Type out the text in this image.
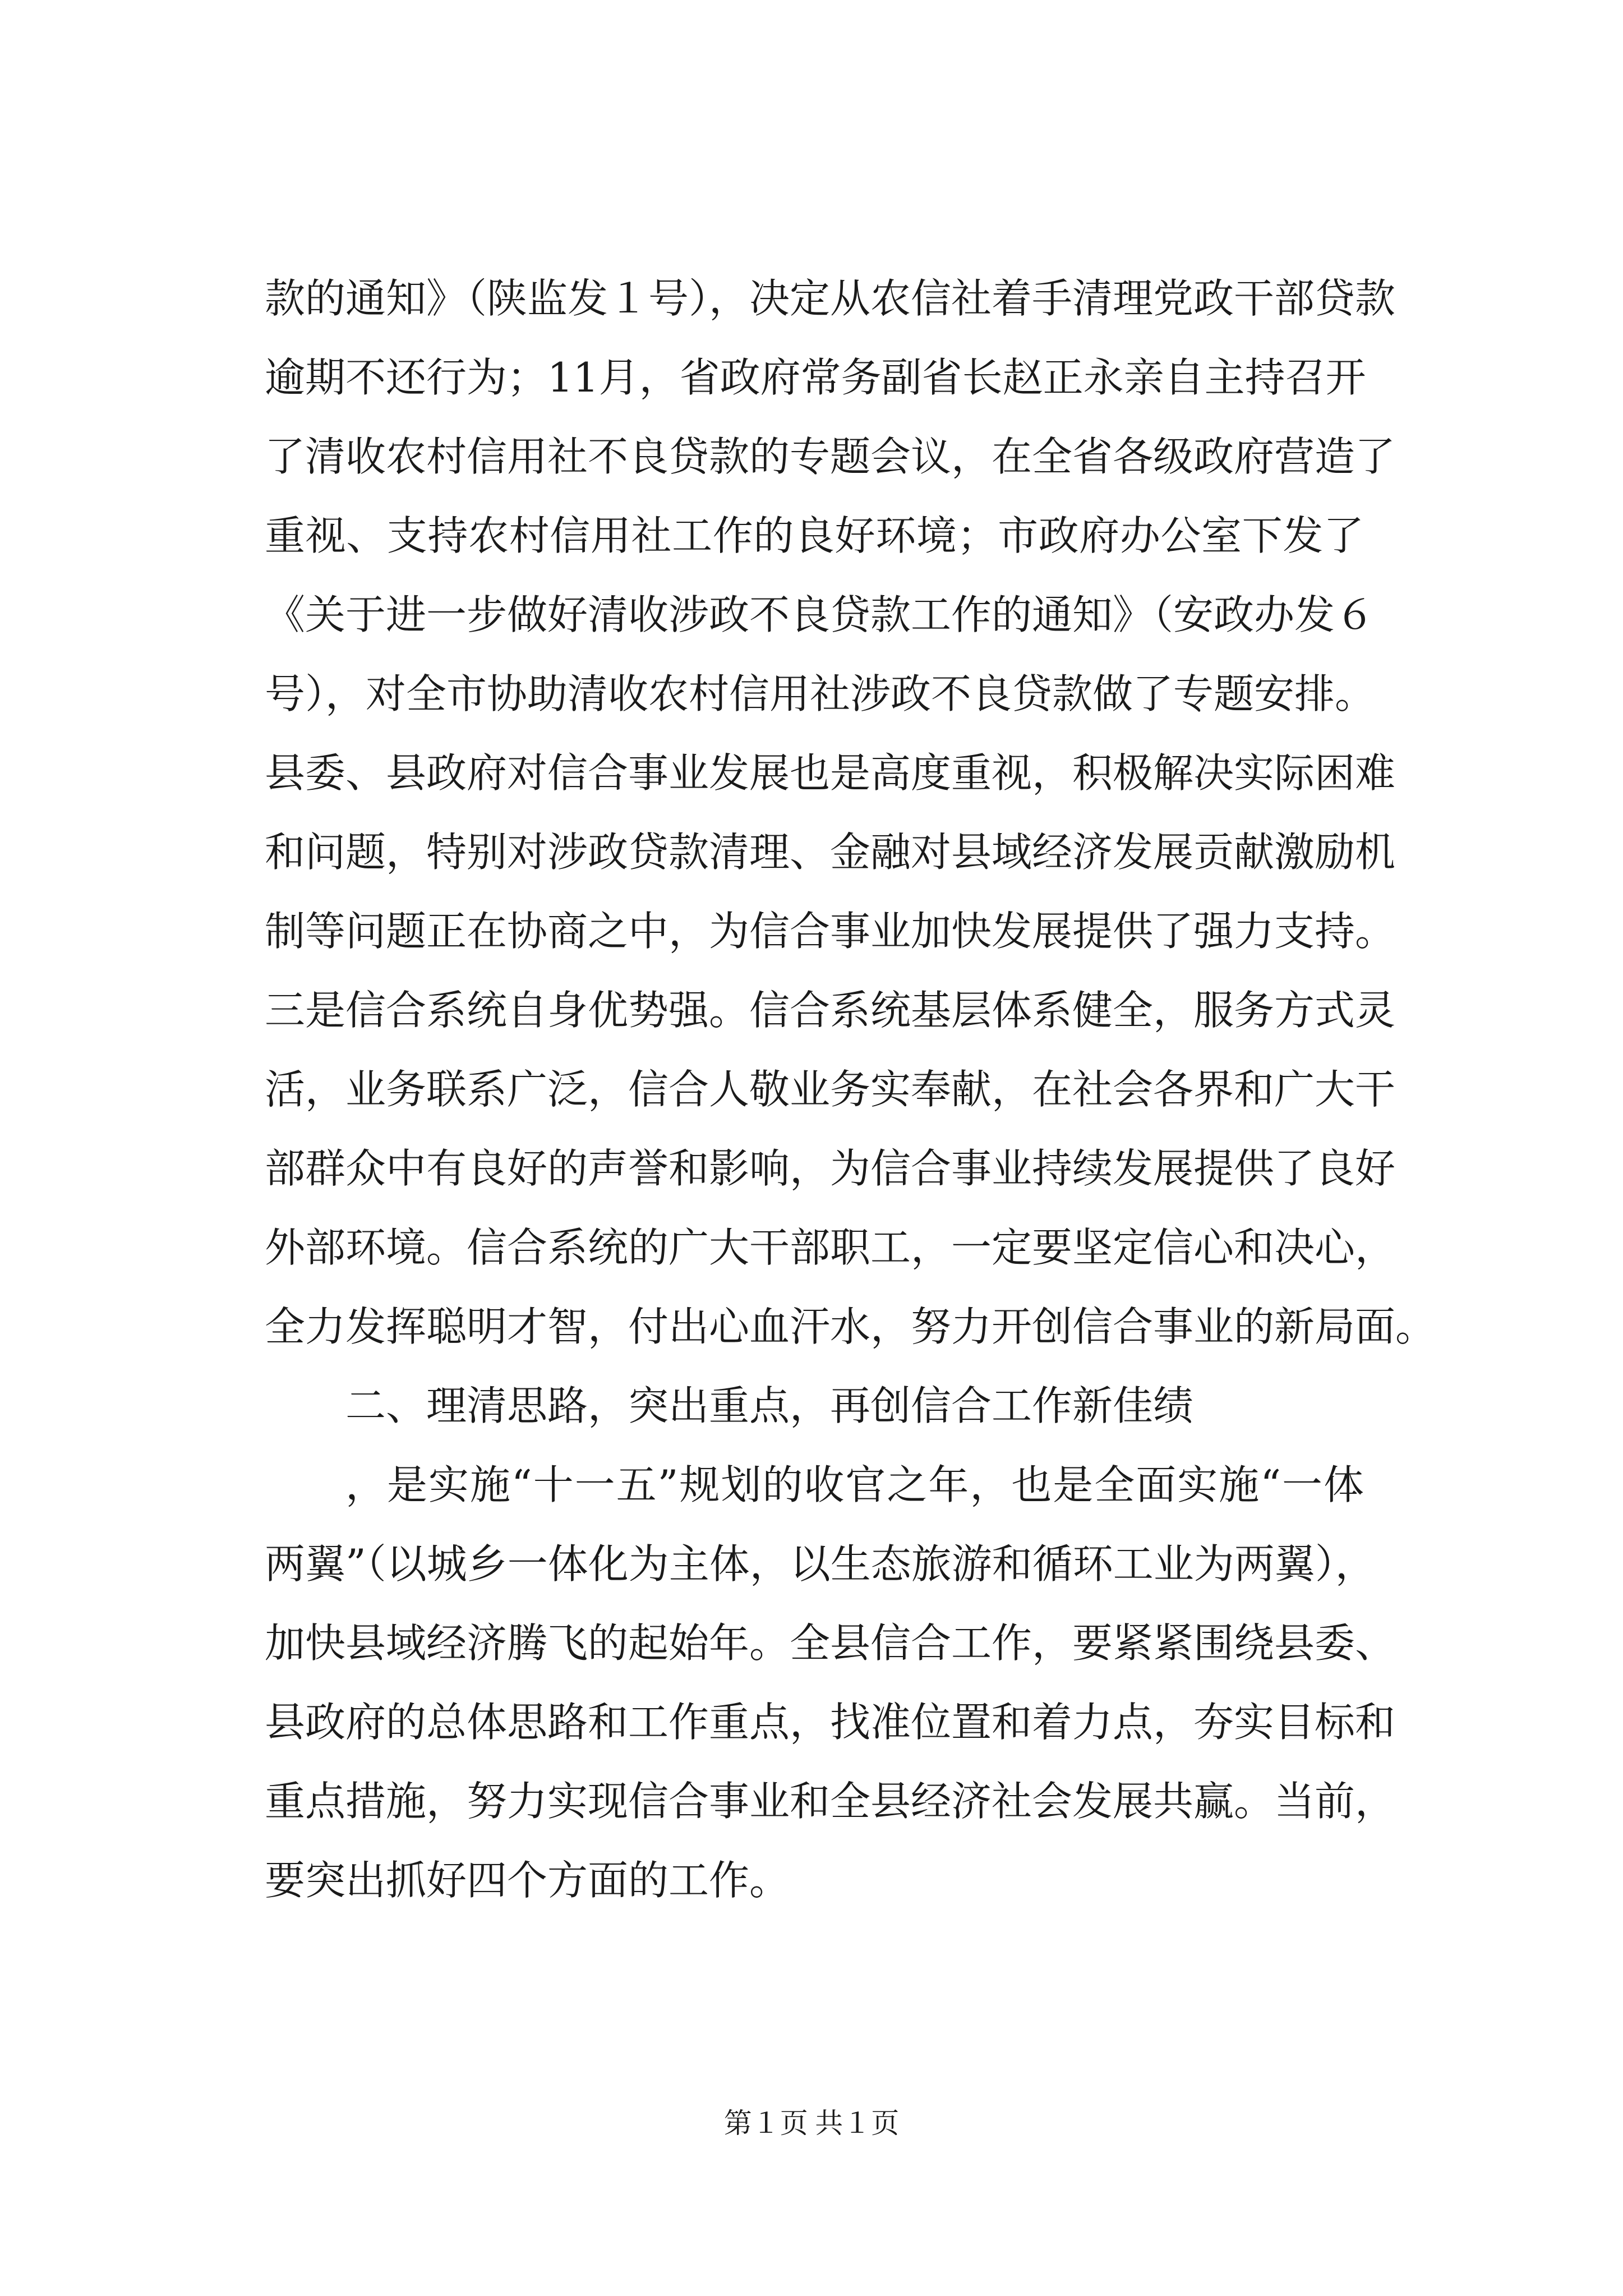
款的通知》（陕监发１号），决定从农信社着手清理党政干部贷款
逾期不还行为；11月，省政府常务副省长赵正永亲自主持召开
了清收农村信用社不良贷款的专题会议，在全省各级政府营造了
重视、支持农村信用社工作的良好环境；市政府办公室下发了
《关于进一步做好清收涉政不良贷款工作的通知》（安政办发６
号），对全市协助清收农村信用社涉政不良贷款做了专题安排。
县委、县政府对信合事业发展也是高度重视，积极解决实际困难
和问题，特别对涉政贷款清理、金融对县域经济发展贡献激励机
制等问题正在协商之中，为信合事业加快发展提供了强力支持。
三是信合系统自身优势强。信合系统基层体系健全，服务方式灵
活，业务联系广泛，信合人敬业务实奉献，在社会各界和广大干
部群众中有良好的声誉和影响，为信合事业持续发展提供了良好
外部环境。信合系统的广大干部职工，一定要坚定信心和决心，
全力发挥聪明才智，付出心血汗水，努力开创信合事业的新局面。
二、理清思路，突出重点，再创信合工作新佳绩
，是实施“十一五”规划的收官之年，也是全面实施“一体
两翼”（以城乡一体化为主体，以生态旅游和循环工业为两翼），
加快县域经济腾飞的起始年。全县信合工作，要紧紧围绕县委、
县政府的总体思路和工作重点，找准位置和着力点，夯实目标和
重点措施，努力实现信合事业和全县经济社会发展共赢。当前，
要突出抓好四个方面的工作。
第１页 共１页
